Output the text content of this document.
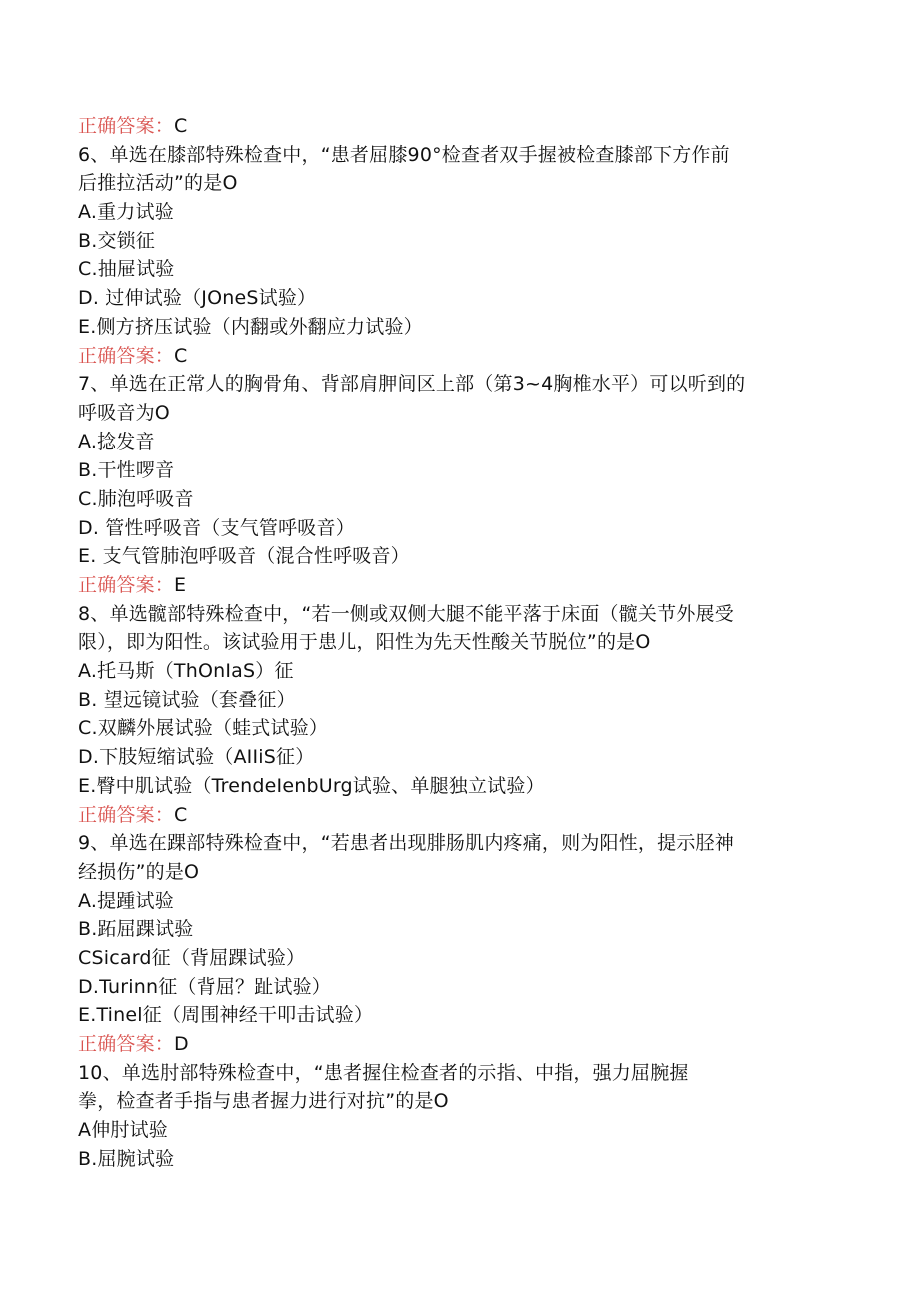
正确答案：C
6、单选在膝部特殊检查中，“患者屈膝90°检查者双手握被检查膝部下方作前
后推拉活动”的是O
A.重力试验
B.交锁征
C.抽屉试验
D. 过伸试验（JOneS试验）
E.侧方挤压试验（内翻或外翻应力试验）
正确答案：C
7、单选在正常人的胸骨角、背部肩胛间区上部（第3~4胸椎水平）可以听到的
呼吸音为O
A.捻发音
B.干性啰音
C.肺泡呼吸音
D. 管性呼吸音（支气管呼吸音）
E. 支气管肺泡呼吸音（混合性呼吸音）
正确答案：E
8、单选髋部特殊检查中，“若一侧或双侧大腿不能平落于床面（髋关节外展受
限），即为阳性。该试验用于患儿，阳性为先天性酸关节脱位”的是O
A.托马斯（ThOnIaS）征
B. 望远镜试验（套叠征）
C.双麟外展试验（蛙式试验）
D.下肢短缩试验（AIIiS征）
E.臀中肌试验（TrendeIenbUrg试验、单腿独立试验）
正确答案：C
9、单选在踝部特殊检查中，“若患者出现腓肠肌内疼痛，则为阳性，提示胫神
经损伤”的是O
A.提踵试验
B.跖屈踝试验
CSicard征（背屈踝试验）
D.Turinn征（背屈？趾试验）
E.Tinel征（周围神经干叩击试验）
正确答案：D
10、单选肘部特殊检查中，“患者握住检查者的示指、中指，强力屈腕握
拳，检查者手指与患者握力进行对抗”的是O
A伸肘试验
B.屈腕试验
